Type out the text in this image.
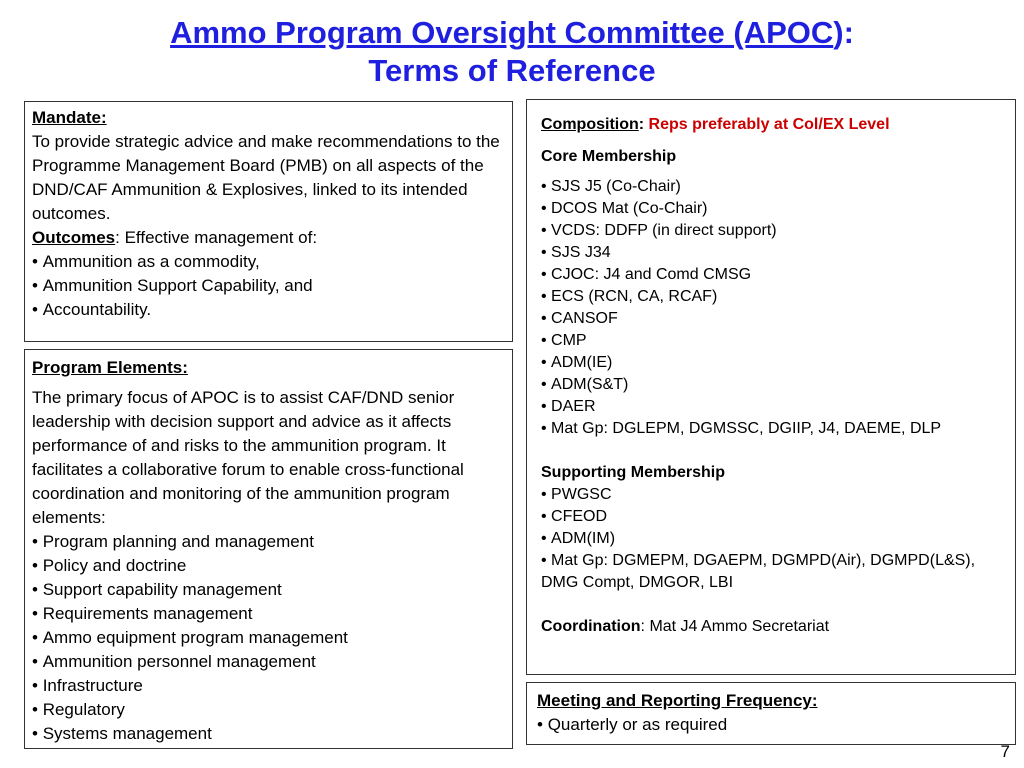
Ammo Program Oversight Committee (APOC):
Terms of Reference
Mandate:
To provide strategic advice and make recommendations to the Programme Management Board (PMB) on all aspects of the DND/CAF Ammunition & Explosives, linked to its intended outcomes.
Outcomes: Effective management of:
• Ammunition as a commodity,
• Ammunition Support Capability, and
• Accountability.
Program Elements:
The primary focus of APOC is to assist CAF/DND senior leadership with decision support and advice as it affects performance of and risks to the ammunition program. It facilitates a collaborative forum to enable cross-functional coordination and monitoring of the ammunition program elements:
• Program planning and management
• Policy and doctrine
• Support capability management
• Requirements management
• Ammo equipment program management
• Ammunition personnel management
• Infrastructure
• Regulatory
• Systems management
Composition: Reps preferably at Col/EX Level
Core Membership
• SJS J5 (Co-Chair)
• DCOS Mat (Co-Chair)
• VCDS: DDFP (in direct support)
• SJS J34
• CJOC: J4 and Comd CMSG
• ECS (RCN, CA, RCAF)
• CANSOF
• CMP
• ADM(IE)
• ADM(S&T)
• DAER
• Mat Gp: DGLEPM, DGMSSC, DGIIP, J4, DAEME, DLP
Supporting Membership
• PWGSC
• CFEOD
• ADM(IM)
• Mat Gp: DGMEPM, DGAEPM, DGMPD(Air), DGMPD(L&S), DMG Compt, DMGOR, LBI
Coordination: Mat J4 Ammo Secretariat
Meeting and Reporting Frequency:
• Quarterly or as required
7
